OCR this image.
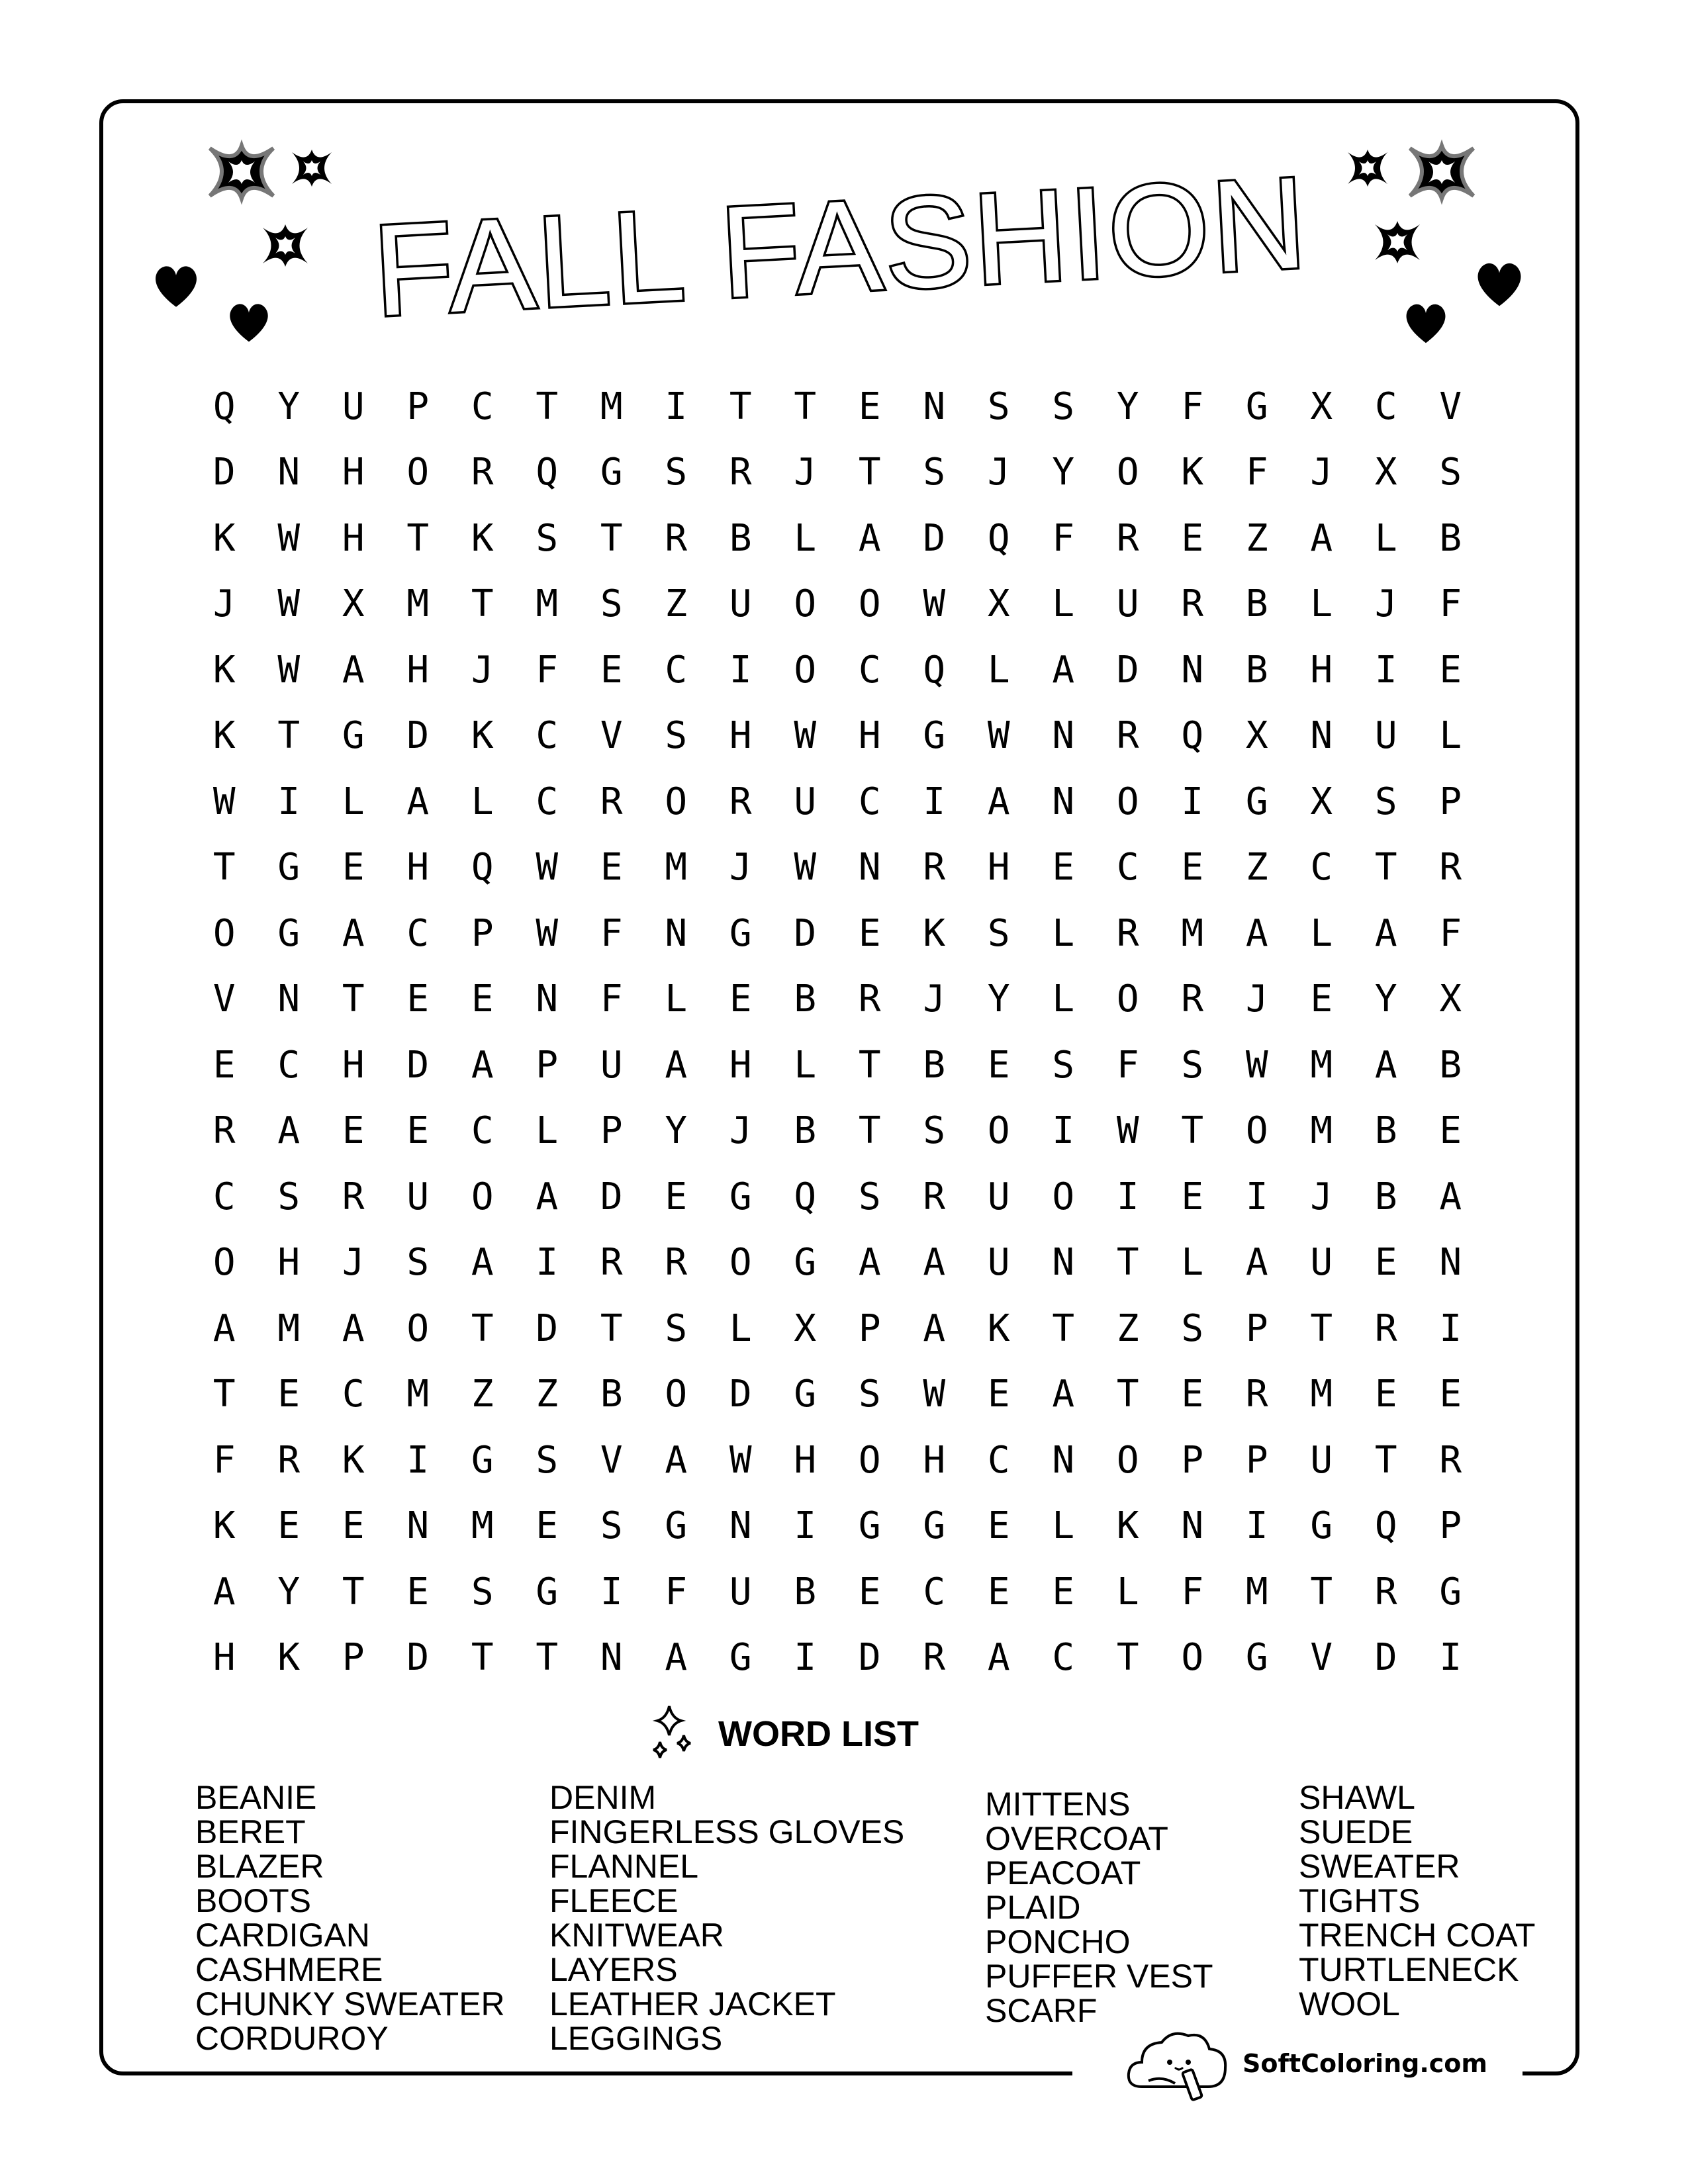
FALL FASHION
Q	Y	U	P	C	T	M	I	T	T	E	N	S	S	Y	F	G	X	C	V
D	N	H	O	R	Q	G	S	R	J	T	S	J	Y	O	K	F	J	X	S
K	W	H	T	K	S	T	R	B	L	A	D	Q	F	R	E	Z	A	L	B
J	W	X	M	T	M	S	Z	U	O	O	W	X	L	U	R	B	L	J	F
K	W	A	H	J	F	E	C	I	O	C	Q	L	A	D	N	B	H	I	E
K	T	G	D	K	C	V	S	H	W	H	G	W	N	R	Q	X	N	U	L
W	I	L	A	L	C	R	O	R	U	C	I	A	N	O	I	G	X	S	P
T	G	E	H	Q	W	E	M	J	W	N	R	H	E	C	E	Z	C	T	R
O	G	A	C	P	W	F	N	G	D	E	K	S	L	R	M	A	L	A	F
V	N	T	E	E	N	F	L	E	B	R	J	Y	L	O	R	J	E	Y	X
E	C	H	D	A	P	U	A	H	L	T	B	E	S	F	S	W	M	A	B
R	A	E	E	C	L	P	Y	J	B	T	S	O	I	W	T	O	M	B	E
C	S	R	U	O	A	D	E	G	Q	S	R	U	O	I	E	I	J	B	A
O	H	J	S	A	I	R	R	O	G	A	A	U	N	T	L	A	U	E	N
A	M	A	O	T	D	T	S	L	X	P	A	K	T	Z	S	P	T	R	I
T	E	C	M	Z	Z	B	O	D	G	S	W	E	A	T	E	R	M	E	E
F	R	K	I	G	S	V	A	W	H	O	H	C	N	O	P	P	U	T	R
K	E	E	N	M	E	S	G	N	I	G	G	E	L	K	N	I	G	Q	P
A	Y	T	E	S	G	I	F	U	B	E	C	E	E	L	F	M	T	R	G
H	K	P	D	T	T	N	A	G	I	D	R	A	C	T	O	G	V	D	I
WORD LIST
BEANIE
BERET
BLAZER
BOOTS
CARDIGAN
CASHMERE
CHUNKY SWEATER
CORDUROY
DENIM
FINGERLESS GLOVES
FLANNEL
FLEECE
KNITWEAR
LAYERS
LEATHER JACKET
LEGGINGS
MITTENS
OVERCOAT
PEACOAT
PLAID
PONCHO
PUFFER VEST
SCARF
SHAWL
SUEDE
SWEATER
TIGHTS
TRENCH COAT
TURTLENECK
WOOL
SoftColoring.com
